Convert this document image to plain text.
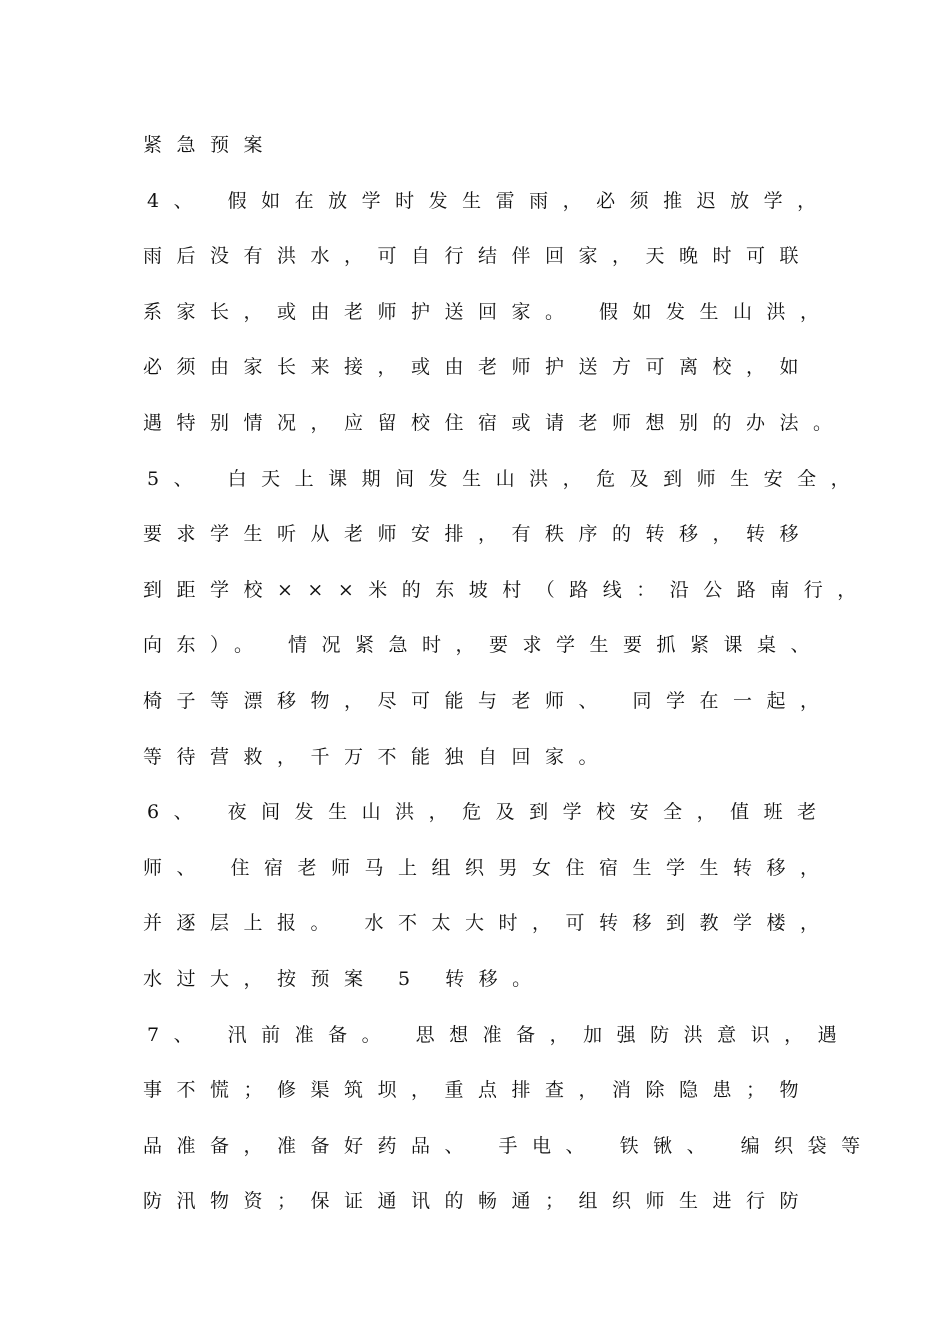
紧急预案
4、 假如在放学时发生雷雨，必须推迟放学，
雨后没有洪水，可自行结伴回家，天晚时可联
系家长，或由老师护送回家。 假如发生山洪，
必须由家长来接，或由老师护送方可离校，如
遇特别情况，应留校住宿或请老师想别的办法。
5、 白天上课期间发生山洪，危及到师生安全，
要求学生听从老师安排，有秩序的转移，转移
到距学校×××米的东坡村（路线：沿公路南行，
向东）。 情况紧急时，要求学生要抓紧课桌、
椅子等漂移物，尽可能与老师、 同学在一起，
等待营救，千万不能独自回家。
6、 夜间发生山洪，危及到学校安全，值班老
师、 住宿老师马上组织男女住宿生学生转移，
并逐层上报。 水不太大时，可转移到教学楼，
水过大，按预案 5 转移。
7、 汛前准备。 思想准备，加强防洪意识，遇
事不慌；修渠筑坝，重点排查，消除隐患；物
品准备，准备好药品、 手电、 铁锹、 编织袋等
防汛物资；保证通讯的畅通；组织师生进行防
